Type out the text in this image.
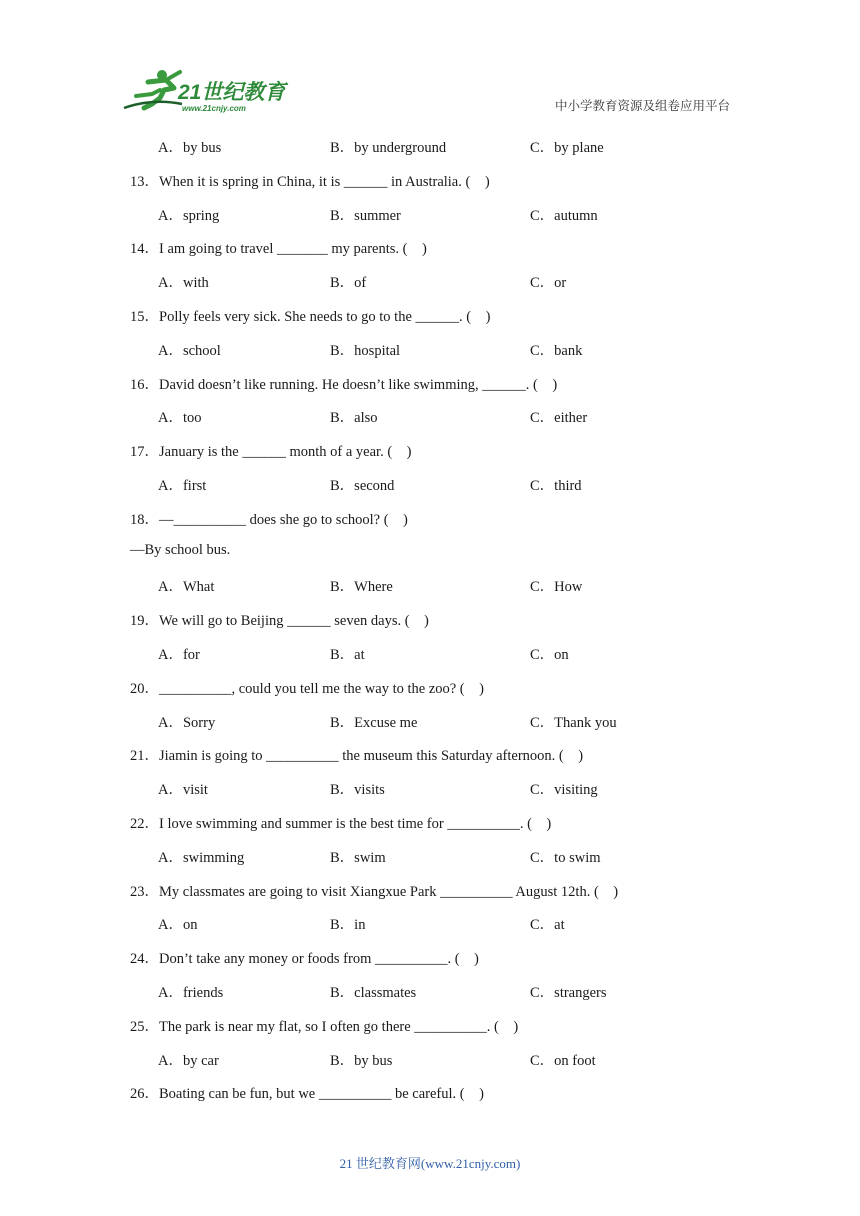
21世纪教育
www.21cnjy.com	中小学教育资源及组卷应用平台
A．by bus	B．by underground	C．by plane
13．When it is spring in China, it is ______ in Australia. (    )
A．spring	B．summer	C．autumn
14．I am going to travel _______ my parents. (    )
A．with	B．of	C．or
15．Polly feels very sick. She needs to go to the ______. (    )
A．school	B．hospital	C．bank
16．David doesn’t like running. He doesn’t like swimming, ______. (    )
A．too	B．also	C．either
17．January is the ______ month of a year. (    )
A．first	B．second	C．third
18．—__________ does she go to school? (    )
—By school bus.
A．What	B．Where	C．How
19．We will go to Beijing ______ seven days. (    )
A．for	B．at	C．on
20．__________, could you tell me the way to the zoo? (    )
A．Sorry	B．Excuse me	C．Thank you
21．Jiamin is going to __________ the museum this Saturday afternoon. (    )
A．visit	B．visits	C．visiting
22．I love swimming and summer is the best time for __________. (    )
A．swimming	B．swim	C．to swim
23．My classmates are going to visit Xiangxue Park __________ August 12th. (    )
A．on	B．in	C．at
24．Don’t take any money or foods from __________. (    )
A．friends	B．classmates	C．strangers
25．The park is near my flat, so I often go there __________. (    )
A．by car	B．by bus	C．on foot
26．Boating can be fun, but we __________ be careful. (    )
21 世纪教育网(www.21cnjy.com)
